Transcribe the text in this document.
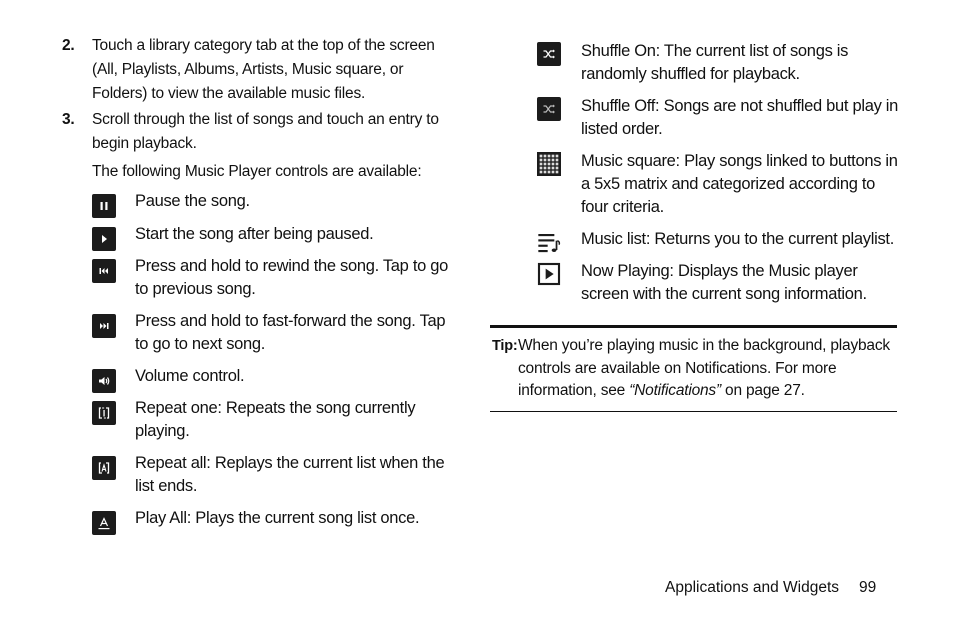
2. Touch a library category tab at the top of the screen (All, Playlists, Albums, Artists, Music square, or Folders) to view the available music files.
3. Scroll through the list of songs and touch an entry to begin playback.
The following Music Player controls are available:
Pause the song.
Start the song after being paused.
Press and hold to rewind the song. Tap to go to previous song.
Press and hold to fast-forward the song. Tap to go to next song.
Volume control.
Repeat one: Repeats the song currently playing.
Repeat all: Replays the current list when the list ends.
Play All: Plays the current song list once.
Shuffle On: The current list of songs is randomly shuffled for playback.
Shuffle Off: Songs are not shuffled but play in listed order.
Music square: Play songs linked to buttons in a 5x5 matrix and categorized according to four criteria.
Music list: Returns you to the current playlist.
Now Playing: Displays the Music player screen with the current song information.
Tip: When you’re playing music in the background, playback controls are available on Notifications. For more information, see “Notifications” on page 27.
Applications and Widgets 99
